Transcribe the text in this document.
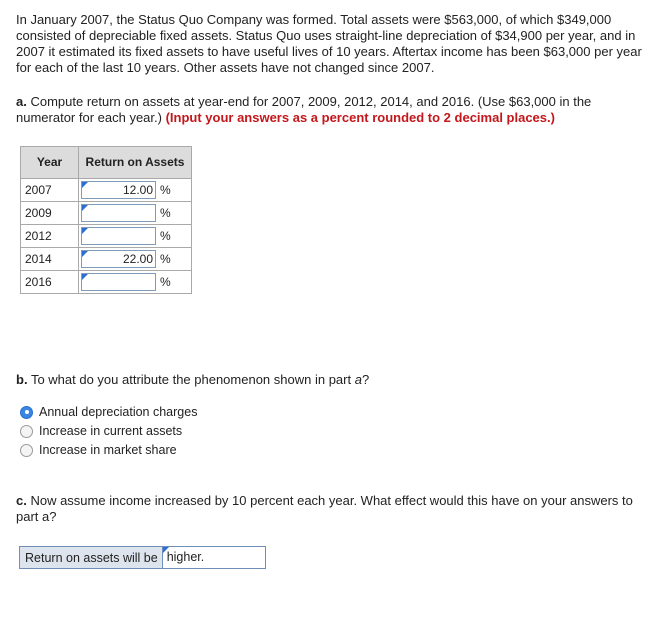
In January 2007, the Status Quo Company was formed. Total assets were $563,000, of which $349,000 consisted of depreciable fixed assets. Status Quo uses straight-line depreciation of $34,900 per year, and in 2007 it estimated its fixed assets to have useful lives of 10 years. Aftertax income has been $63,000 per year for each of the last 10 years. Other assets have not changed since 2007.
a. Compute return on assets at year-end for 2007, 2009, 2012, 2014, and 2016. (Use $63,000 in the numerator for each year.) (Input your answers as a percent rounded to 2 decimal places.)
Year	Return on Assets
2007	12.00 %

2009	%

2012	%

2014	22.00 %

2016	%
b. To what do you attribute the phenomenon shown in part a?
Annual depreciation charges
Increase in current assets
Increase in market share
c. Now assume income increased by 10 percent each year. What effect would this have on your answers to part a?
Return on assets will be higher.
